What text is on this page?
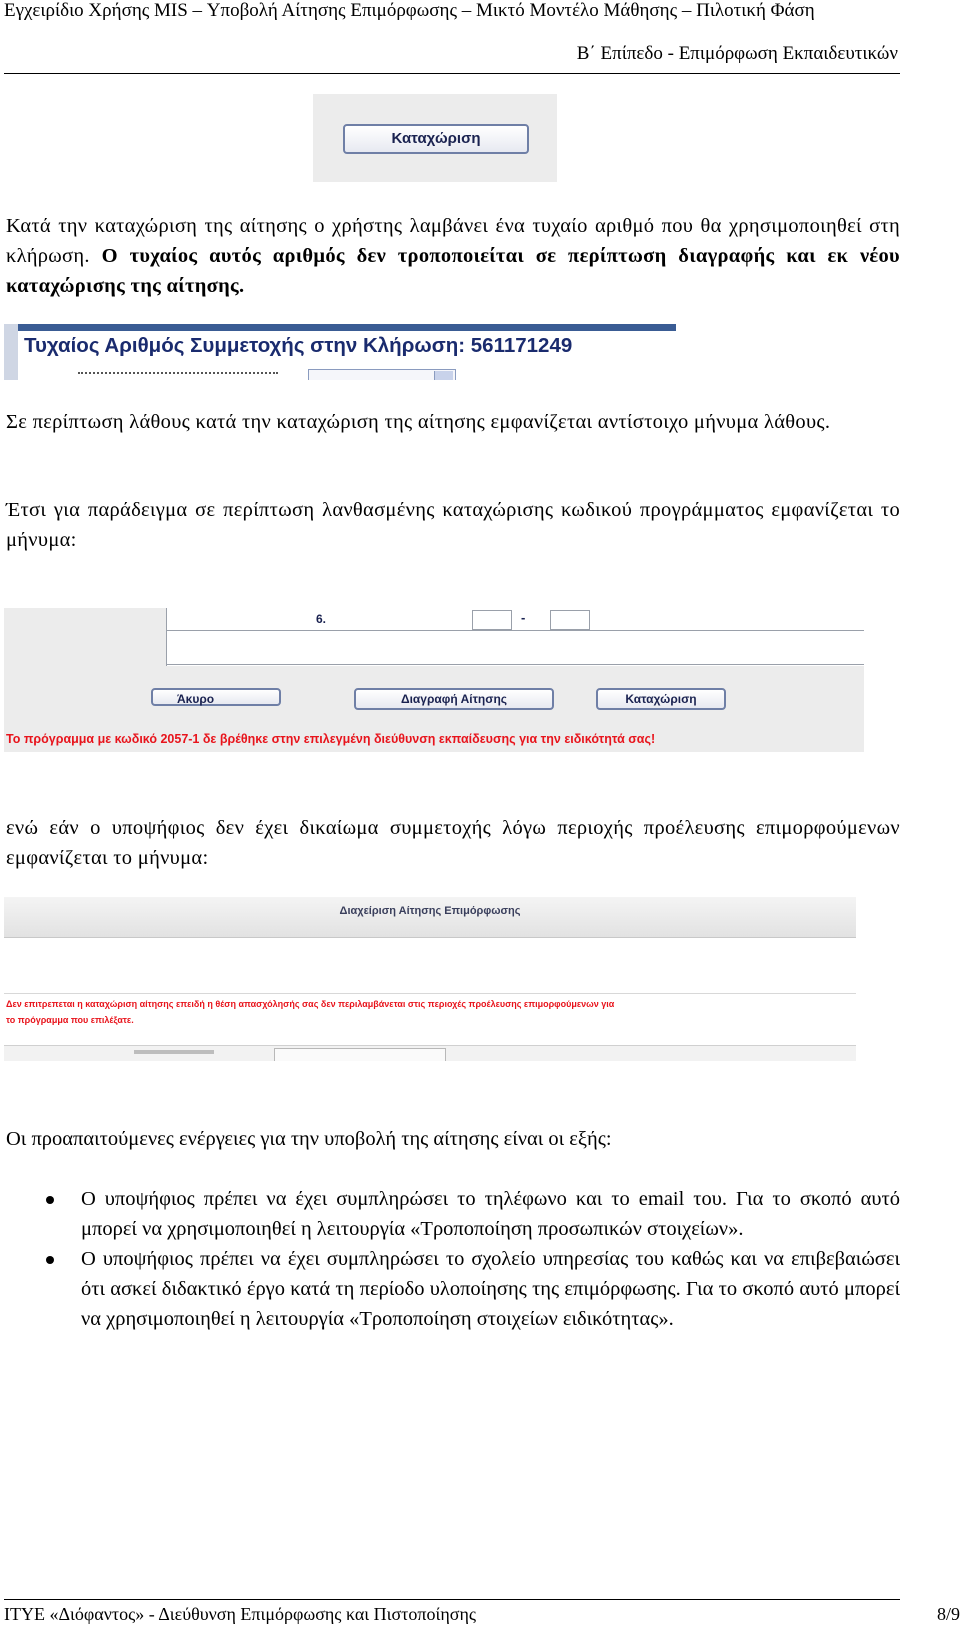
Εγχειρίδιο Χρήσης MIS – Υποβολή Αίτησης Επιμόρφωσης – Μικτό Μοντέλο Μάθησης – Πιλοτική Φάση
Β΄ Επίπεδο - Επιμόρφωση Εκπαιδευτικών
Καταχώριση
Κατά την καταχώριση της αίτησης ο χρήστης λαμβάνει ένα τυχαίο αριθμό που θα χρησιμοποιηθεί στη κλήρωση. Ο τυχαίος αυτός αριθμός δεν τροποποιείται σε περίπτωση διαγραφής και εκ νέου καταχώρισης της αίτησης.
Τυχαίος Αριθμός Συμμετοχής στην Κλήρωση: 561171249
Σε περίπτωση λάθους κατά την καταχώριση της αίτησης εμφανίζεται αντίστοιχο μήνυμα λάθους.
Έτσι για παράδειγμα σε περίπτωση λανθασμένης καταχώρισης κωδικού προγράμματος εμφανίζεται το μήνυμα:
6.	-
Άκυρο	Διαγραφή Αίτησης	Καταχώριση
Το πρόγραμμα με κωδικό 2057-1 δε βρέθηκε στην επιλεγμένη διεύθυνση εκπαίδευσης για την ειδικότητά σας!
ενώ εάν ο υποψήφιος δεν έχει δικαίωμα συμμετοχής λόγω περιοχής προέλευσης επιμορφούμενων εμφανίζεται το μήνυμα:
Διαχείριση Αίτησης Επιμόρφωσης
Δεν επιτρεπεται η καταχώριση αίτησης επειδή η θέση απασχόλησής σας δεν περιλαμβάνεται στις περιοχές προέλευσης επιμορφούμενων για
το πρόγραμμα που επιλέξατε.
Οι προαπαιτούμενες ενέργειες για την υποβολή της αίτησης είναι οι εξής:
Ο υποψήφιος πρέπει να έχει συμπληρώσει το τηλέφωνο και το email του. Για το σκοπό αυτό μπορεί να χρησιμοποιηθεί η λειτουργία «Τροποποίηση προσωπικών στοιχείων».
Ο υποψήφιος πρέπει να έχει συμπληρώσει το σχολείο υπηρεσίας του καθώς και να επιβεβαιώσει ότι ασκεί διδακτικό έργο κατά τη περίοδο υλοποίησης της επιμόρφωσης. Για το σκοπό αυτό μπορεί να χρησιμοποιηθεί η λειτουργία «Τροποποίηση στοιχείων ειδικότητας».
ΙΤΥΕ «Διόφαντος» - Διεύθυνση Επιμόρφωσης και Πιστοποίησης	8/9
